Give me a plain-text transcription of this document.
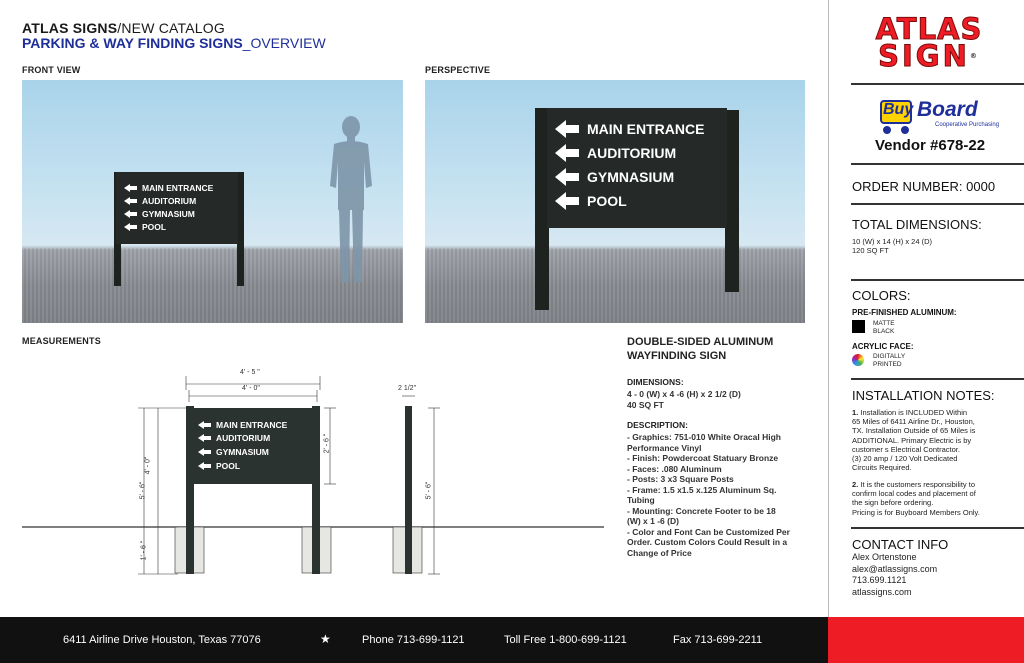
ATLAS SIGNS/NEW CATALOG
PARKING & WAY FINDING SIGNS_OVERVIEW
FRONT VIEW	PERSPECTIVE
MEASUREMENTS
MAIN ENTRANCE
AUDITORIUM
GYMNASIUM
POOL
MAIN ENTRANCE
AUDITORIUM
GYMNASIUM
POOL
MAIN ENTRANCE
AUDITORIUM
GYMNASIUM
POOL
4' - 5 "
4' - 0"	2 1/2"
5' - 6"
4' - 0"
1' - 6 "
2' - 6 "
5' - 6"
DOUBLE-SIDED ALUMINUM WAYFINDING SIGN
DIMENSIONS:
4 - 0 (W) x 4 -6 (H) x 2 1/2 (D)
40 SQ FT
DESCRIPTION:
- Graphics: 751-010 White Oracal High
Performance Vinyl
- Finish: Powdercoat Statuary Bronze
- Faces: .080 Aluminum
- Posts: 3 x3 Square Posts
- Frame: 1.5 x1.5 x.125 Aluminum Sq.
Tubing
- Mounting: Concrete Footer to be 18
(W) x 1 -6 (D)
- Color and Font Can be Customized Per
Order. Custom Colors Could Result in a
Change of Price
ATLAS
SIGN®
Buy Board
Cooperative Purchasing
Vendor #678-22
ORDER NUMBER: 0000
TOTAL DIMENSIONS:
10 (W) x 14 (H) x 24 (D)
120 SQ FT
COLORS:
PRE-FINISHED ALUMINUM:
MATTE
BLACK
ACRYLIC FACE:
DIGITALLY
PRINTED
INSTALLATION NOTES:
1. Installation is INCLUDED Within
65 Miles of 6411 Airline Dr., Houston,
TX. Installation Outside of 65 Miles is
ADDITIONAL. Primary Electric is by
customer s Electrical Contractor.
(3) 20 amp / 120 Volt Dedicated
Circuits Required.
2. It is the customers responsibility to
confirm local codes and placement of
the sign before ordering.
Pricing is for Buyboard Members Only.
CONTACT INFO
Alex Ortenstone
alex@atlassigns.com
713.699.1121
atlassigns.com
6411 Airline Drive Houston, Texas 77076	★	Phone 713-699-1121	Toll Free 1-800-699-1121	Fax 713-699-2211
